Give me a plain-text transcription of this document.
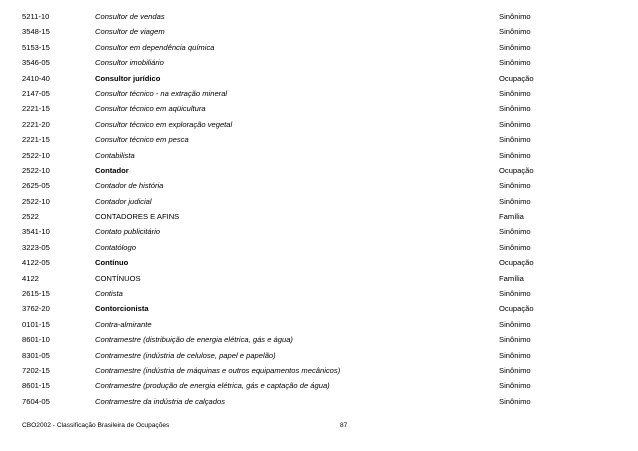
5211-10	Consultor de vendas	Sinônimo
3548-15	Consultor de viagem	Sinônimo
5153-15	Consultor em dependência química	Sinônimo
3546-05	Consultor imobiliário	Sinônimo
2410-40	Consultor jurídico	Ocupação
2147-05	Consultor técnico - na extração mineral	Sinônimo
2221-15	Consultor técnico em aqüicultura	Sinônimo
2221-20	Consultor técnico em exploração vegetal	Sinônimo
2221-15	Consultor técnico em pesca	Sinônimo
2522-10	Contabilista	Sinônimo
2522-10	Contador	Ocupação
2625-05	Contador de história	Sinônimo
2522-10	Contador judicial	Sinônimo
2522	CONTADORES E AFINS	Família
3541-10	Contato publicitário	Sinônimo
3223-05	Contatólogo	Sinônimo
4122-05	Contínuo	Ocupação
4122	CONTÍNUOS	Família
2615-15	Contista	Sinônimo
3762-20	Contorcionista	Ocupação
0101-15	Contra-almirante	Sinônimo
8601-10	Contramestre (distribuição de energia elétrica, gás e água)	Sinônimo
8301-05	Contramestre (indústria de celulose, papel e papelão)	Sinônimo
7202-15	Contramestre (indústria de máquinas e outros equipamentos mecânicos)	Sinônimo
8601-15	Contramestre (produção de energia elétrica, gás e captação de água)	Sinônimo
7604-05	Contramestre da indústria de calçados	Sinônimo
CBO2002 - Classificação Brasileira de Ocupações	87
